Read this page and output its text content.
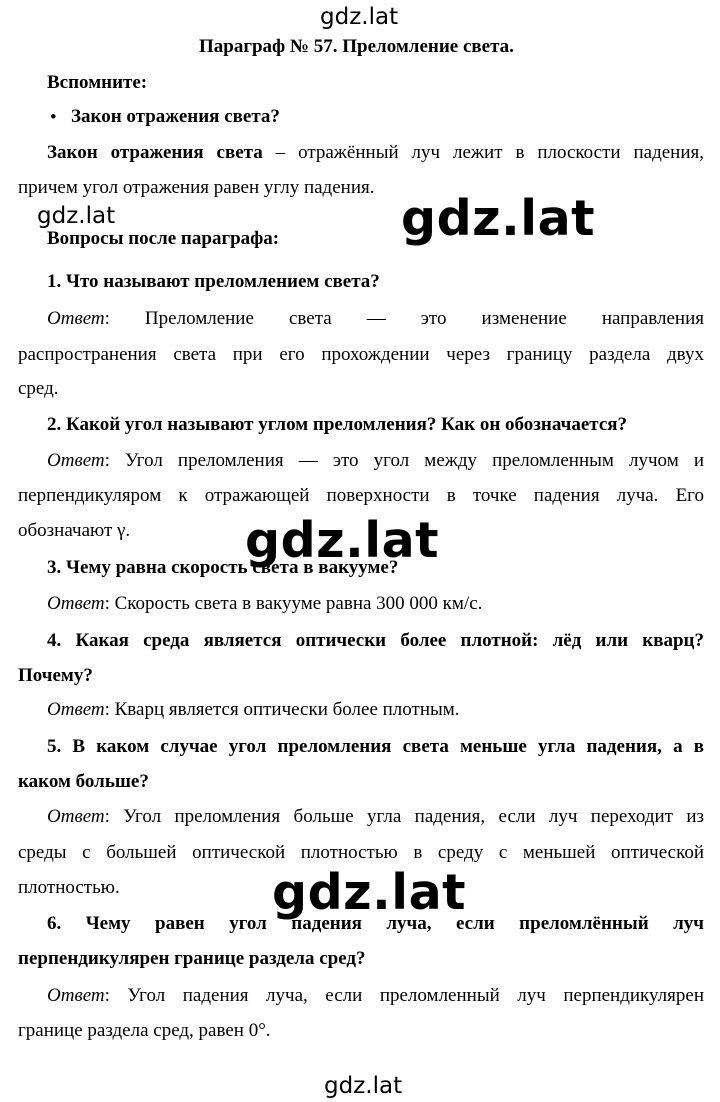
gdz.lat
gdz.lat	gdz.lat
gdz.lat
gdz.lat
gdz.lat
Параграф № 57. Преломление света.
Вспомните:
• Закон отражения света?
Закон отражения света – отражённый луч лежит в плоскости падения,
причем угол отражения равен углу падения.
Вопросы после параграфа:
1. Что называют преломлением света?
Ответ: Преломление света — это изменение направления
распространения света при его прохождении через границу раздела двух
сред.
2. Какой угол называют углом преломления? Как он обозначается?
Ответ: Угол преломления — это угол между преломленным лучом и
перпендикуляром к отражающей поверхности в точке падения луча. Его
обозначают γ.
3. Чему равна скорость света в вакууме?
Ответ: Скорость света в вакууме равна 300 000 км/с.
4. Какая среда является оптически более плотной: лёд или кварц?
Почему?
Ответ: Кварц является оптически более плотным.
5. В каком случае угол преломления света меньше угла падения, а в
каком больше?
Ответ: Угол преломления больше угла падения, если луч переходит из
среды с большей оптической плотностью в среду с меньшей оптической
плотностью.
6. Чему равен угол падения луча, если преломлённый луч
перпендикулярен границе раздела сред?
Ответ: Угол падения луча, если преломленный луч перпендикулярен
границе раздела сред, равен 0°.
